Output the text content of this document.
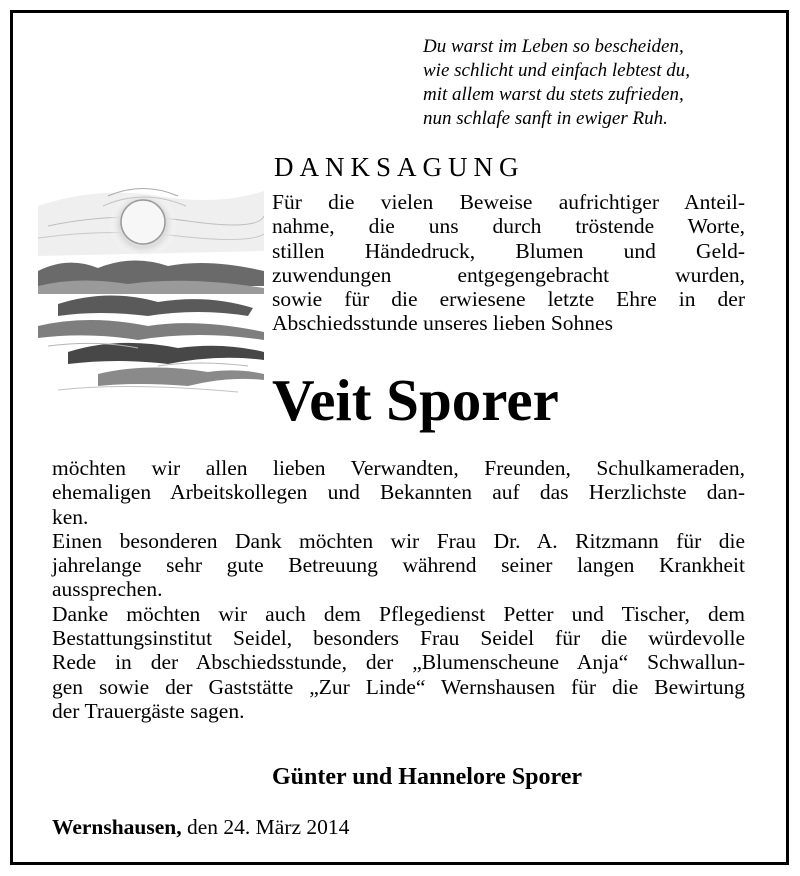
Du warst im Leben so bescheiden,
wie schlicht und einfach lebtest du,
mit allem warst du stets zufrieden,
nun schlafe sanft in ewiger Ruh.
DANKSAGUNG
Für die vielen Beweise aufrichtiger Anteil-
nahme, die uns durch tröstende Worte,
stillen Händedruck, Blumen und Geld-
zuwendungen entgegengebracht wurden,
sowie für die erwiesene letzte Ehre in der
Abschiedsstunde unseres lieben Sohnes
Veit Sporer
möchten wir allen lieben Verwandten, Freunden, Schulkameraden,
ehemaligen Arbeitskollegen und Bekannten auf das Herzlichste dan-
ken.
Einen besonderen Dank möchten wir Frau Dr. A. Ritzmann für die
jahrelange sehr gute Betreuung während seiner langen Krankheit
aussprechen.
Danke möchten wir auch dem Pflegedienst Petter und Tischer, dem
Bestattungsinstitut Seidel, besonders Frau Seidel für die würdevolle
Rede in der Abschiedsstunde, der „Blumenscheune Anja“ Schwallun-
gen sowie der Gaststätte „Zur Linde“ Wernshausen für die Bewirtung
der Trauergäste sagen.
Günter und Hannelore Sporer
Wernshausen, den 24. März 2014
